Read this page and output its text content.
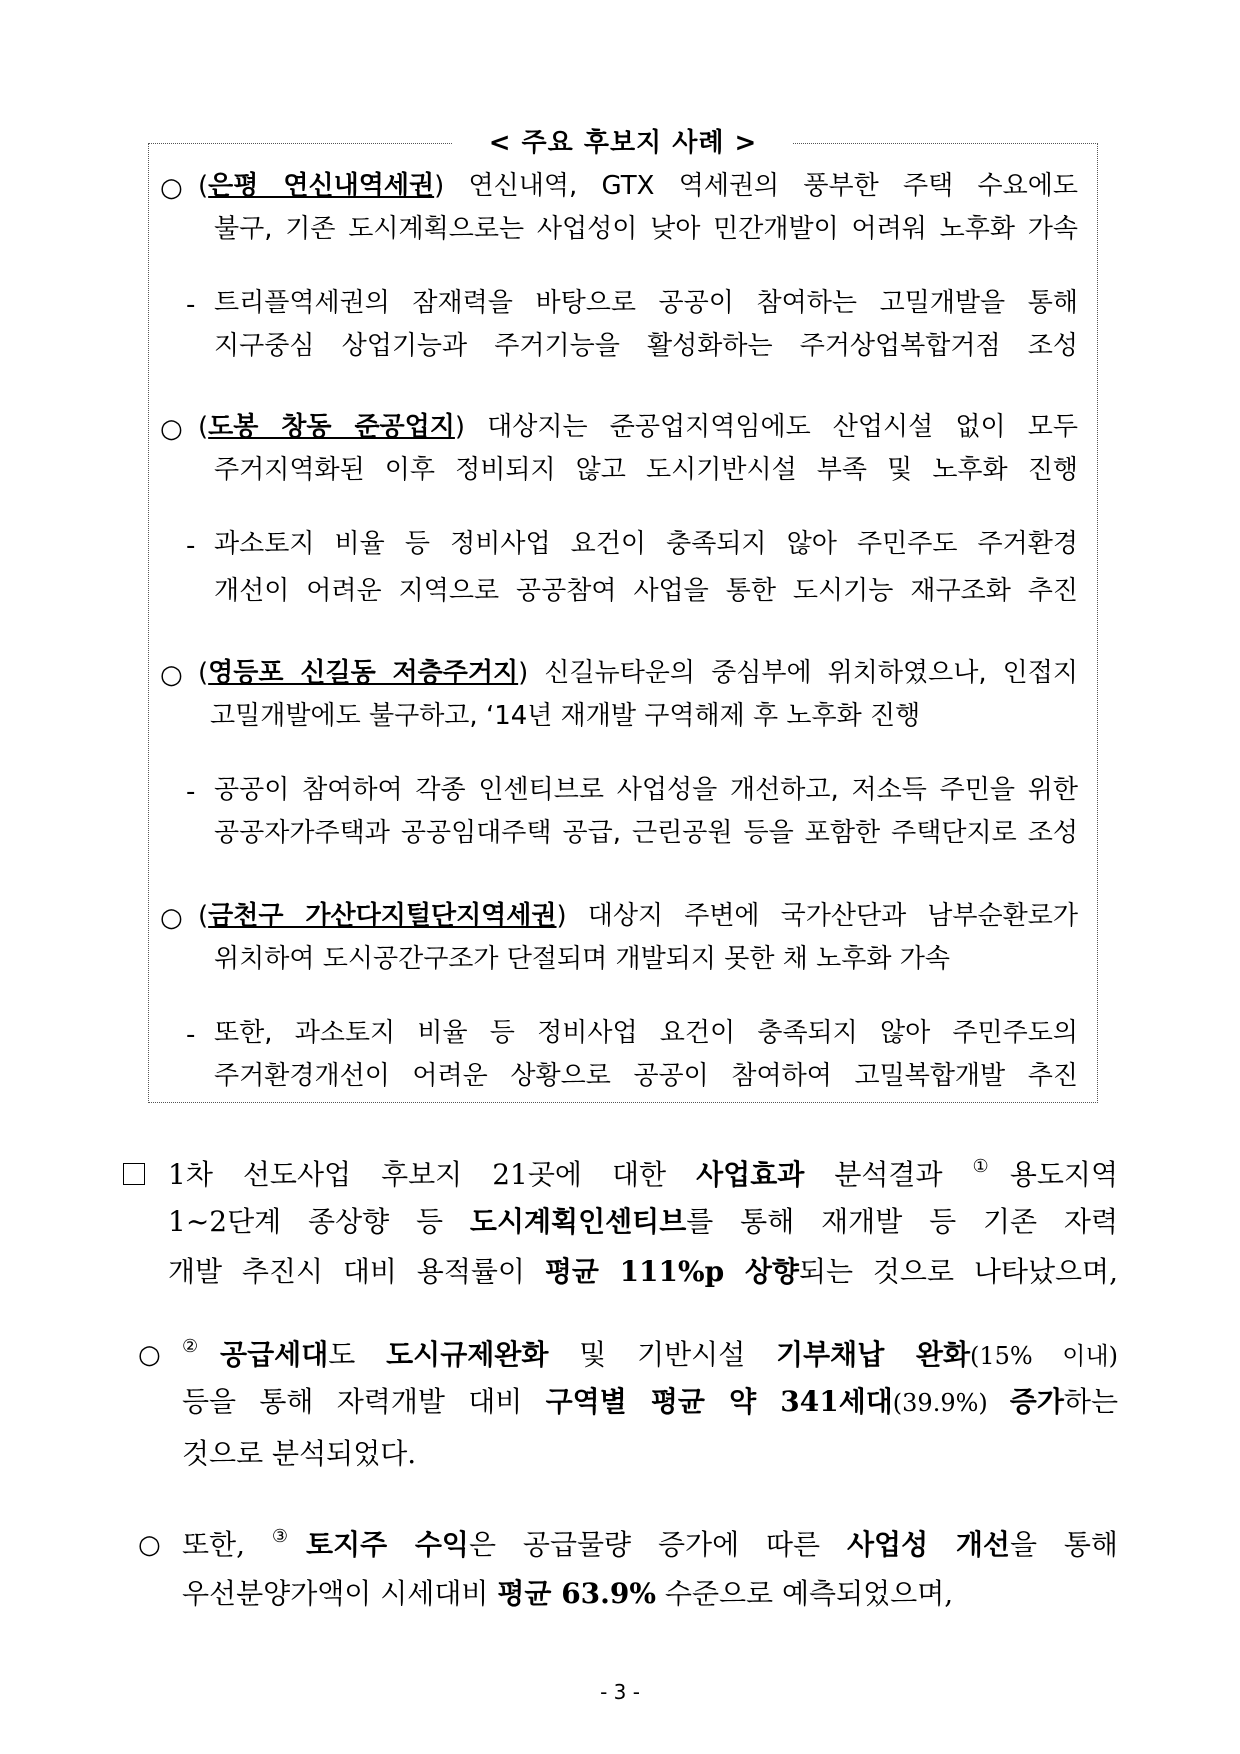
< 주요 후보지 사례 >
○ (은평 연신내역세권) 연신내역, GTX 역세권의 풍부한 주택 수요에도
불구, 기존 도시계획으로는 사업성이 낮아 민간개발이 어려워 노후화 가속
- 트리플역세권의 잠재력을 바탕으로 공공이 참여하는 고밀개발을 통해
지구중심 상업기능과 주거기능을 활성화하는 주거상업복합거점 조성
○ (도봉 창동 준공업지) 대상지는 준공업지역임에도 산업시설 없이 모두
주거지역화된 이후 정비되지 않고 도시기반시설 부족 및 노후화 진행
- 과소토지 비율 등 정비사업 요건이 충족되지 않아 주민주도 주거환경
개선이 어려운 지역으로 공공참여 사업을 통한 도시기능 재구조화 추진
○ (영등포 신길동 저층주거지) 신길뉴타운의 중심부에 위치하였으나, 인접지
고밀개발에도 불구하고, ‘14년 재개발 구역해제 후 노후화 진행
- 공공이 참여하여 각종 인센티브로 사업성을 개선하고, 저소득 주민을 위한
공공자가주택과 공공임대주택 공급, 근린공원 등을 포함한 주택단지로 조성
○ (금천구 가산다지털단지역세권) 대상지 주변에 국가산단과 남부순환로가
위치하여 도시공간구조가 단절되며 개발되지 못한 채 노후화 가속
- 또한, 과소토지 비율 등 정비사업 요건이 충족되지 않아 주민주도의
주거환경개선이 어려운 상황으로 공공이 참여하여 고밀복합개발 추진
1차 선도사업 후보지 21곳에 대한 사업효과 분석결과 ①용도지역
1~2단계 종상향 등 도시계획인센티브를 통해 재개발 등 기존 자력
개발 추진시 대비 용적률이 평균 111%p 상향되는 것으로 나타났으며,
○ ②공급세대도 도시규제완화 및 기반시설 기부채납 완화(15% 이내)
등을 통해 자력개발 대비 구역별 평균 약 341세대(39.9%) 증가하는
것으로 분석되었다.
○ 또한, ③토지주 수익은 공급물량 증가에 따른 사업성 개선을 통해
우선분양가액이 시세대비 평균 63.9% 수준으로 예측되었으며,
- 3 -
